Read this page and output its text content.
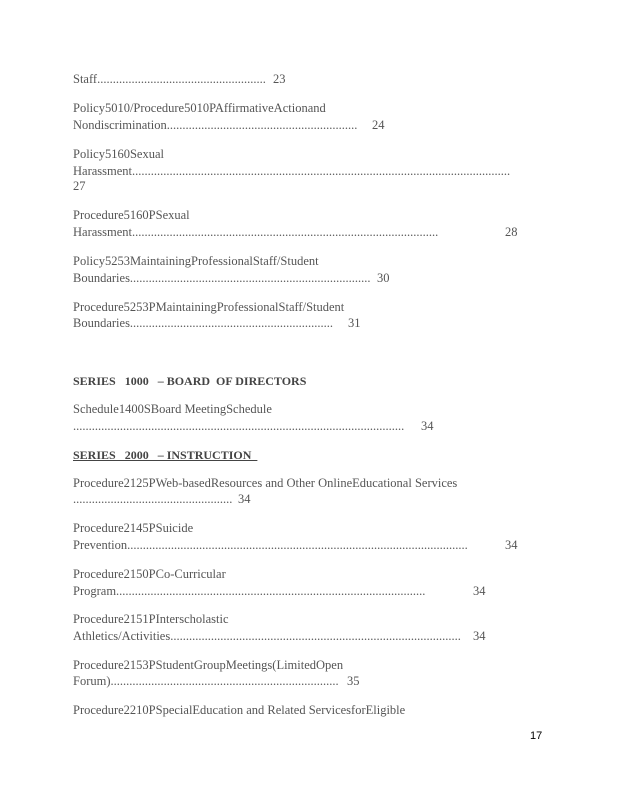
Staff...................................................... 23
Policy5010/Procedure5010PAffirmativeActionand
Nondiscrimination............................................................. 24
Policy5160Sexual
Harassment.........................................................................................................................
27
Procedure5160PSexual
Harassment..................................................................................................	28
Policy5253MaintainingProfessionalStaff/Student
Boundaries............................................................................. 30
Procedure5253PMaintainingProfessionalStaff/Student
Boundaries................................................................. 31
SERIES   1000   – BOARD  OF DIRECTORS
Schedule1400SBoard MeetingSchedule
.......................................................................................................... 34
SERIES   2000   – INSTRUCTION
Procedure2125PWeb-basedResources and Other OnlineEducational Services
................................................... 34
Procedure2145PSuicide
Prevention.............................................................................................................	34
Procedure2150PCo-Curricular
Program...................................................................................................	34
Procedure2151PInterscholastic
Athletics/Activities............................................................................................. 34
Procedure2153PStudentGroupMeetings(LimitedOpen
Forum)......................................................................... 35
Procedure2210PSpecialEducation and Related ServicesforEligible
17
